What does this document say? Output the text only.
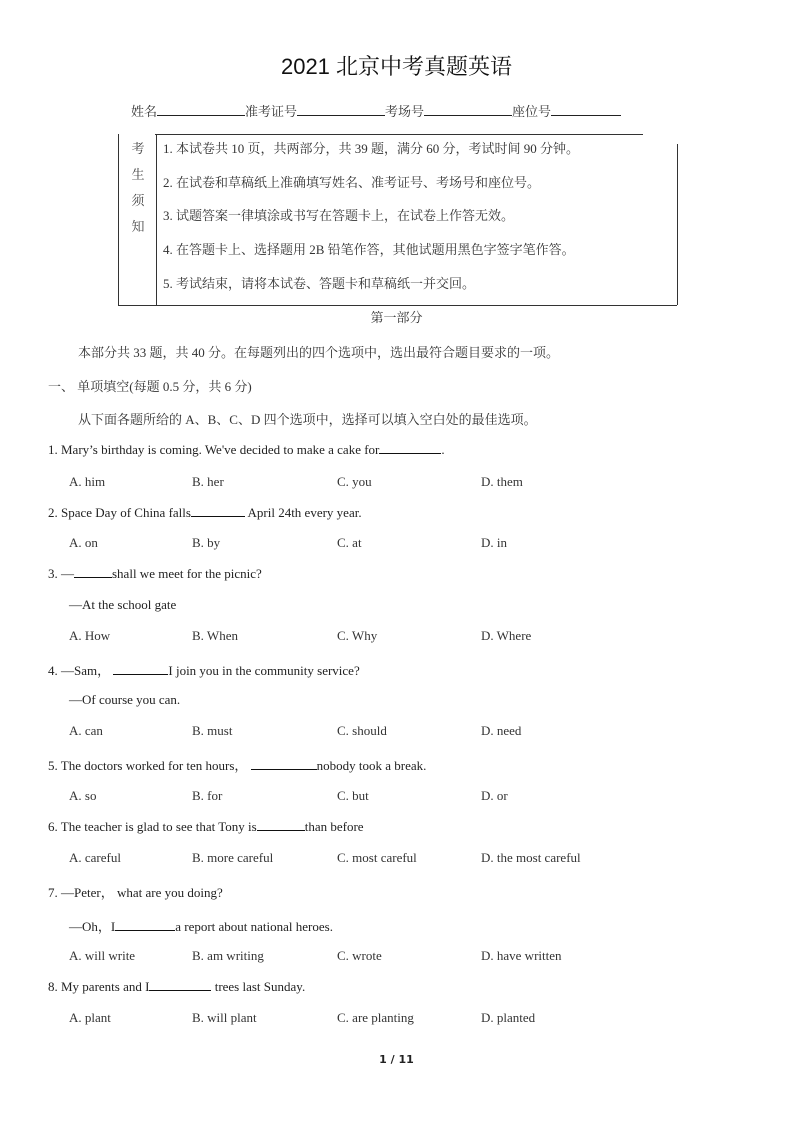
2021 北京中考真题英语
姓名	准考证号	考场号	座位号
考
生
须
知
1. 本试卷共 10 页，共两部分，共 39 题，满分 60 分，考试时间 90 分钟。
2. 在试卷和草稿纸上准确填写姓名、准考证号、考场号和座位号。
3. 试题答案一律填涂或书写在答题卡上，在试卷上作答无效。
4. 在答题卡上、选择题用 2B 铅笔作答，其他试题用黑色字签字笔作答。
5. 考试结束，请将本试卷、答题卡和草稿纸一并交回。
第一部分
本部分共 33 题，共 40 分。在每题列出的四个选项中，选出最符合题目要求的一项。
一、 单项填空(每题 0.5 分，共 6 分)
从下面各题所给的 A、B、C、D 四个选项中，选择可以填入空白处的最佳选项。
1. Mary’s birthday is coming. We've decided to make a cake for	.
A. him	B. her	C. you	D. them
2. Space Day of China falls	April 24th every year.
A. on	B. by	C. at	D. in
3. —	shall we meet for the picnic?
—At the school gate
A. How	B. When	C. Why	D. Where
4. —Sam，	I join you in the community service?
—Of course you can.
A. can	B. must	C. should	D. need
5. The doctors worked for ten hours，	nobody took a break.
A. so	B. for	C. but	D. or
6. The teacher is glad to see that Tony is	than before
A. careful	B. more careful	C. most careful	D. the most careful
7. —Peter， what are you doing?
—Oh，I	a report about national heroes.
A. will write	B. am writing	C. wrote	D. have written
8. My parents and I	trees last Sunday.
A. plant	B. will plant	C. are planting	D. planted
1 / 11
